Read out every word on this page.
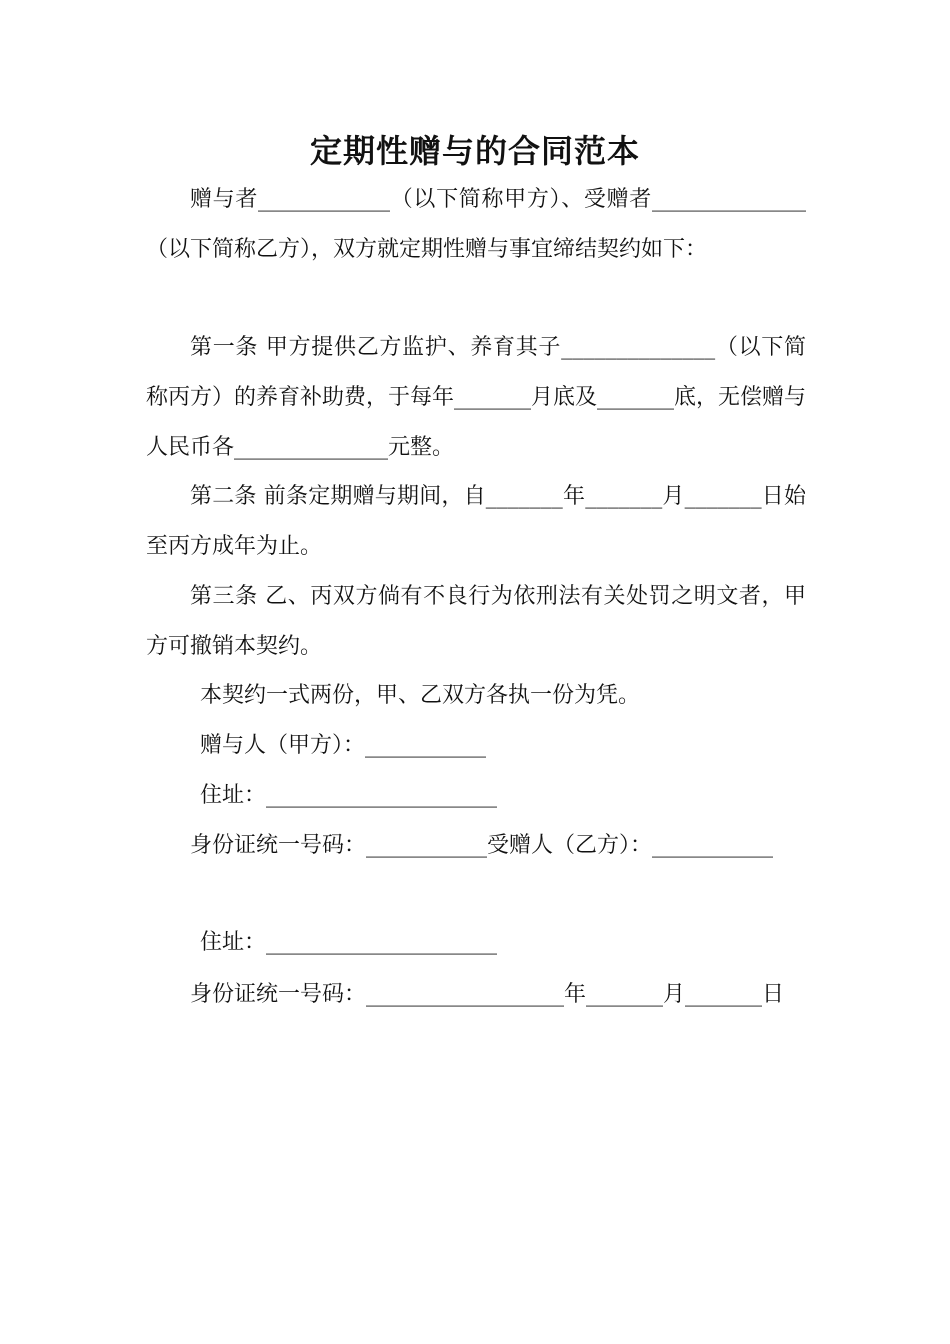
定期性赠与的合同范本

赠与者____________（以下简称甲方）、受赠者______________（以下简称乙方），双方就定期性赠与事宜缔结契约如下：

第一条 甲方提供乙方监护、养育其子______________（以下简称丙方）的养育补助费，于每年_______月底及_______底，无偿赠与人民币各______________元整。

第二条 前条定期赠与期间，自_______年_______月_______日始至丙方成年为止。

第三条 乙、丙双方倘有不良行为依刑法有关处罚之明文者，甲方可撤销本契约。

本契约一式两份，甲、乙双方各执一份为凭。

赠与人（甲方）：___________

住址：_____________________

身份证统一号码：___________受赠人（乙方）：___________

住址：_____________________

身份证统一号码：__________________年_______月_______日
